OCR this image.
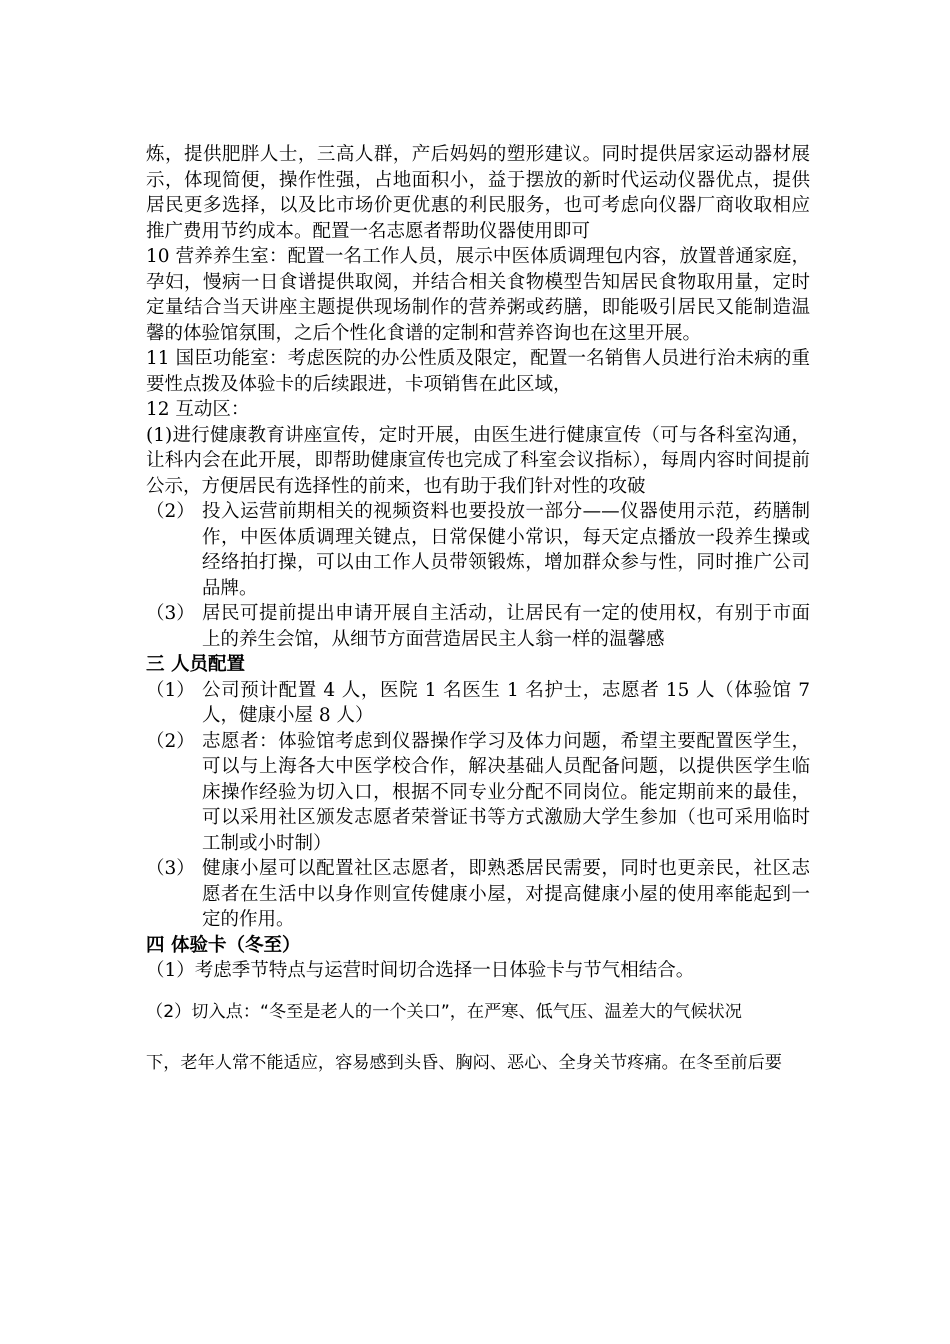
炼，提供肥胖人士，三高人群，产后妈妈的塑形建议。同时提供居家运动器材展示，体现简便，操作性强，占地面积小，益于摆放的新时代运动仪器优点，提供居民更多选择，以及比市场价更优惠的利民服务，也可考虑向仪器厂商收取相应推广费用节约成本。配置一名志愿者帮助仪器使用即可

10 营养养生室：配置一名工作人员，展示中医体质调理包内容，放置普通家庭，孕妇，慢病一日食谱提供取阅，并结合相关食物模型告知居民食物取用量，定时定量结合当天讲座主题提供现场制作的营养粥或药膳，即能吸引居民又能制造温馨的体验馆氛围，之后个性化食谱的定制和营养咨询也在这里开展。

11 国臣功能室：考虑医院的办公性质及限定，配置一名销售人员进行治未病的重要性点拨及体验卡的后续跟进，卡项销售在此区域，

12 互动区：

(1)进行健康教育讲座宣传，定时开展，由医生进行健康宣传（可与各科室沟通，让科内会在此开展，即帮助健康宣传也完成了科室会议指标），每周内容时间提前公示，方便居民有选择性的前来，也有助于我们针对性的攻破

（2） 投入运营前期相关的视频资料也要投放一部分——仪器使用示范，药膳制作，中医体质调理关键点，日常保健小常识，每天定点播放一段养生操或经络拍打操，可以由工作人员带领锻炼，增加群众参与性，同时推广公司品牌。
（3） 居民可提前提出申请开展自主活动，让居民有一定的使用权，有别于市面上的养生会馆，从细节方面营造居民主人翁一样的温馨感

三 人员配置

（1） 公司预计配置 4 人，医院 1 名医生 1 名护士，志愿者 15 人（体验馆 7 人，健康小屋 8 人）
（2） 志愿者：体验馆考虑到仪器操作学习及体力问题，希望主要配置医学生，可以与上海各大中医学校合作，解决基础人员配备问题，以提供医学生临床操作经验为切入口，根据不同专业分配不同岗位。能定期前来的最佳，可以采用社区颁发志愿者荣誉证书等方式激励大学生参加（也可采用临时工制或小时制）
（3） 健康小屋可以配置社区志愿者，即熟悉居民需要，同时也更亲民，社区志愿者在生活中以身作则宣传健康小屋，对提高健康小屋的使用率能起到一定的作用。

四 体验卡（冬至）

（1）考虑季节特点与运营时间切合选择一日体验卡与节气相结合。

（2）切入点：“冬至是老人的一个关口”，在严寒、低气压、温差大的气候状况

下，老年人常不能适应，容易感到头昏、胸闷、恶心、全身关节疼痛。在冬至前后要
